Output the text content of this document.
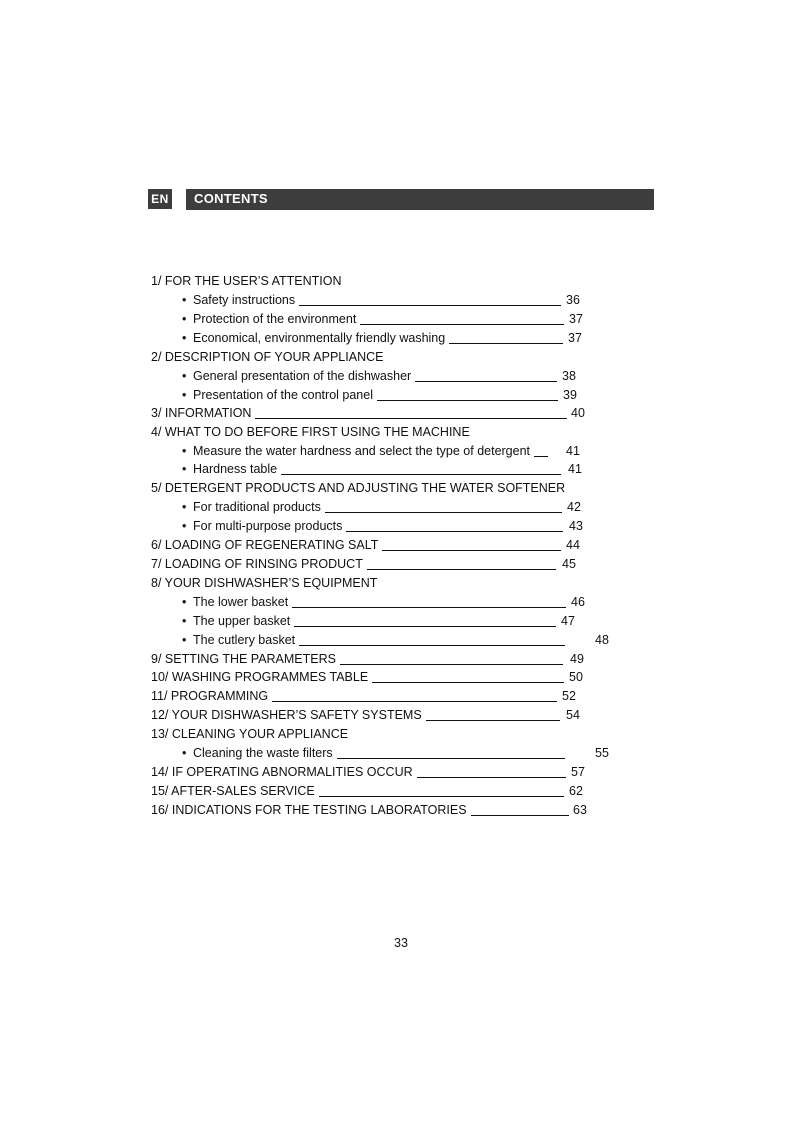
EN CONTENTS
1/ FOR THE USER’S ATTENTION
• Safety instructions	36
• Protection of the environment	37
• Economical, environmentally friendly washing	37
2/ DESCRIPTION OF YOUR APPLIANCE
• General presentation of the dishwasher	38
• Presentation of the control panel	39
3/ INFORMATION	40
4/ WHAT TO DO BEFORE FIRST USING THE MACHINE
• Measure the water hardness and select the type of detergent	41
• Hardness table	41
5/ DETERGENT PRODUCTS AND ADJUSTING THE WATER SOFTENER
• For traditional products	42
• For multi-purpose products	43
6/ LOADING OF REGENERATING SALT	44
7/ LOADING OF RINSING PRODUCT	45
8/ YOUR DISHWASHER’S EQUIPMENT
• The lower basket	46
• The upper basket	47
• The cutlery basket	48
9/ SETTING THE PARAMETERS	49
10/ WASHING PROGRAMMES TABLE	50
11/ PROGRAMMING	52
12/ YOUR DISHWASHER’S SAFETY SYSTEMS	54
13/ CLEANING YOUR APPLIANCE
• Cleaning the waste filters	55
14/ IF OPERATING ABNORMALITIES OCCUR	57
15/ AFTER-SALES SERVICE	62
16/ INDICATIONS FOR THE TESTING LABORATORIES	63
33
